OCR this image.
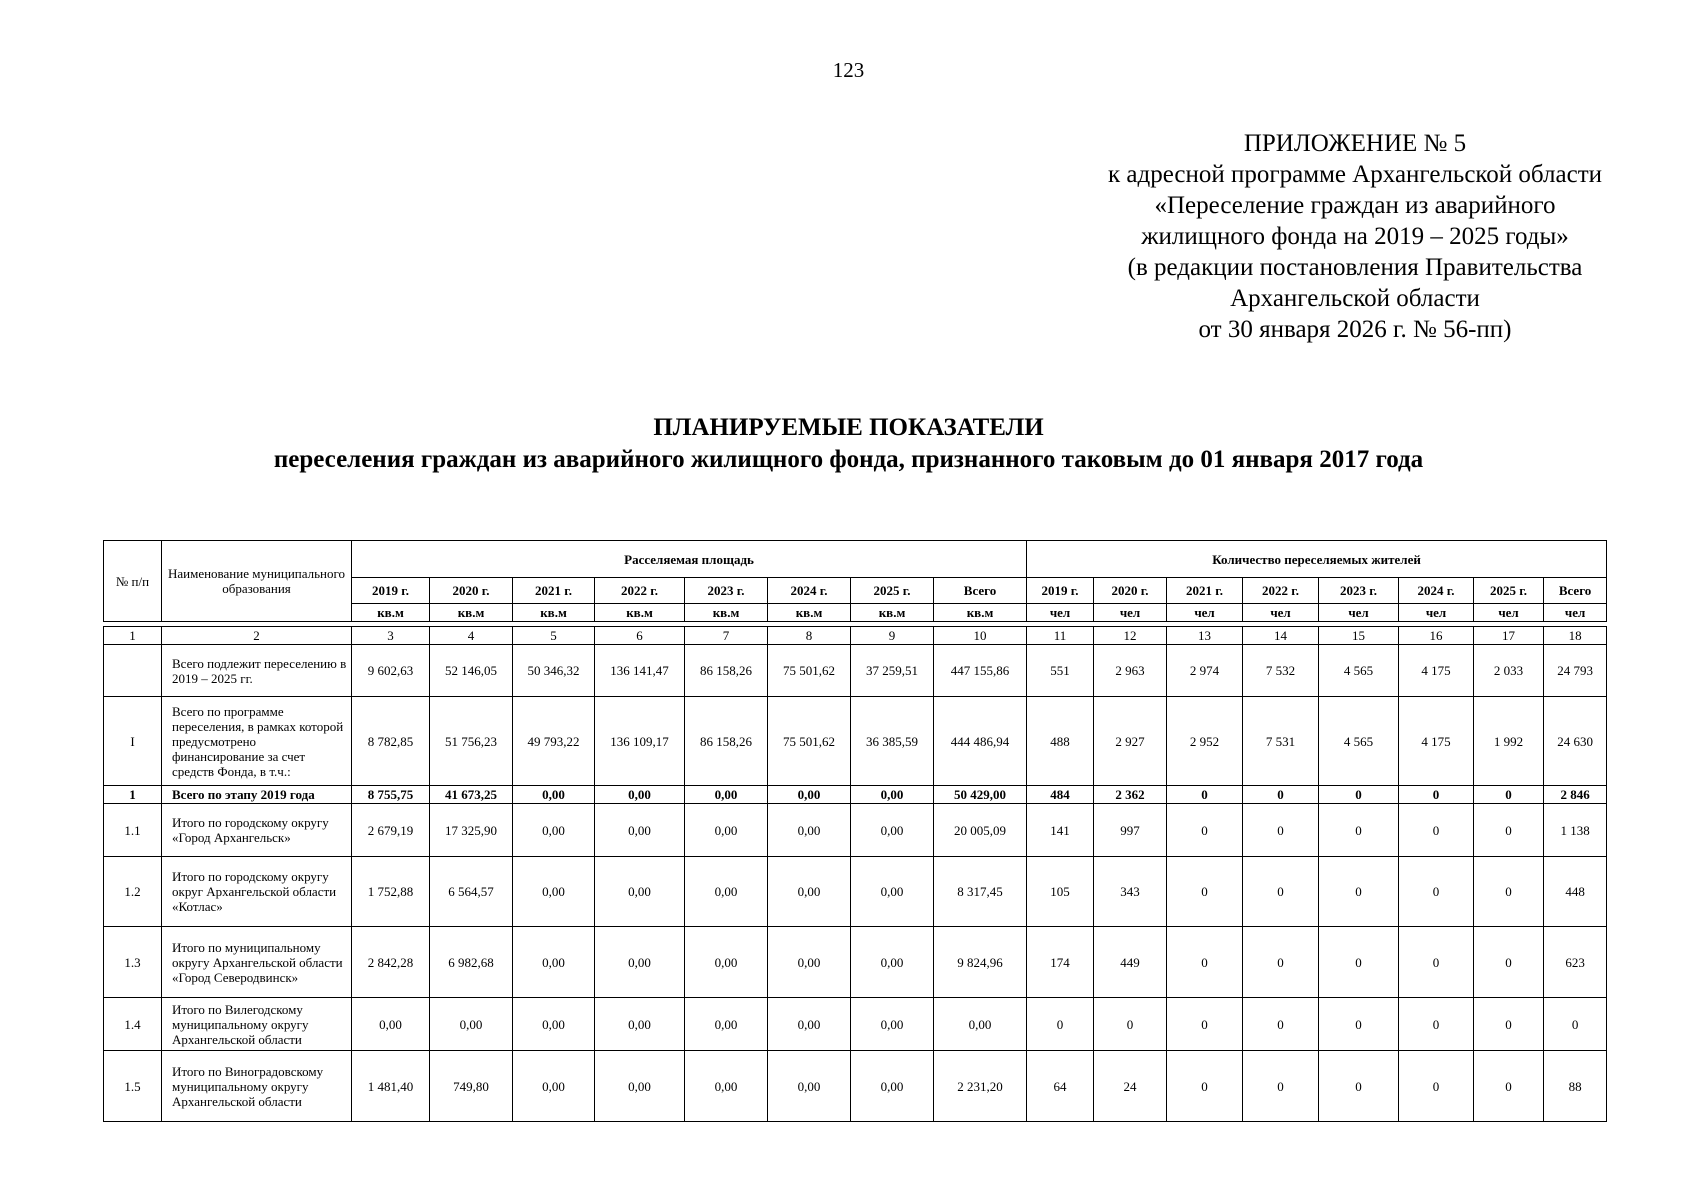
123
ПРИЛОЖЕНИЕ № 5
к адресной программе Архангельской области
«Переселение граждан из аварийного
жилищного фонда на 2019 – 2025 годы»
(в редакции постановления Правительства
Архангельской области
от 30 января 2026 г. № 56-пп)
ПЛАНИРУЕМЫЕ ПОКАЗАТЕЛИ
переселения граждан из аварийного жилищного фонда, признанного таковым до 01 января 2017 года
№ п/п	Наименование муниципального образования	Расселяемая площадь								Количество переселяемых жителей							
		2019 г.	2020 г.	2021 г.	2022 г.	2023 г.	2024 г.	2025 г.	Всего	2019 г.	2020 г.	2021 г.	2022 г.	2023 г.	2024 г.	2025 г.	Всего
		кв.м	кв.м	кв.м	кв.м	кв.м	кв.м	кв.м	кв.м	чел	чел	чел	чел	чел	чел	чел	чел

1	2	3	4	5	6	7	8	9	10	11	12	13	14	15	16	17	18
	Всего подлежит переселению в 2019 – 2025 гг.	9 602,63	52 146,05	50 346,32	136 141,47	86 158,26	75 501,62	37 259,51	447 155,86	551	2 963	2 974	7 532	4 565	4 175	2 033	24 793
I	Всего по программе переселения, в рамках которой предусмотрено финансирование за счет средств Фонда, в т.ч.:	8 782,85	51 756,23	49 793,22	136 109,17	86 158,26	75 501,62	36 385,59	444 486,94	488	2 927	2 952	7 531	4 565	4 175	1 992	24 630
1	Всего по этапу 2019 года	8 755,75	41 673,25	0,00	0,00	0,00	0,00	0,00	50 429,00	484	2 362	0	0	0	0	0	2 846
1.1	Итого по городскому округу «Город Архангельск»	2 679,19	17 325,90	0,00	0,00	0,00	0,00	0,00	20 005,09	141	997	0	0	0	0	0	1 138
1.2	Итого по городскому округу округ Архангельской области «Котлас»	1 752,88	6 564,57	0,00	0,00	0,00	0,00	0,00	8 317,45	105	343	0	0	0	0	0	448
1.3	Итого по муниципальному округу Архангельской области «Город Северодвинск»	2 842,28	6 982,68	0,00	0,00	0,00	0,00	0,00	9 824,96	174	449	0	0	0	0	0	623
1.4	Итого по Вилегодскому муниципальному округу Архангельской области	0,00	0,00	0,00	0,00	0,00	0,00	0,00	0,00	0	0	0	0	0	0	0	0
1.5	Итого по Виноградовскому муниципальному округу Архангельской области	1 481,40	749,80	0,00	0,00	0,00	0,00	0,00	2 231,20	64	24	0	0	0	0	0	88
